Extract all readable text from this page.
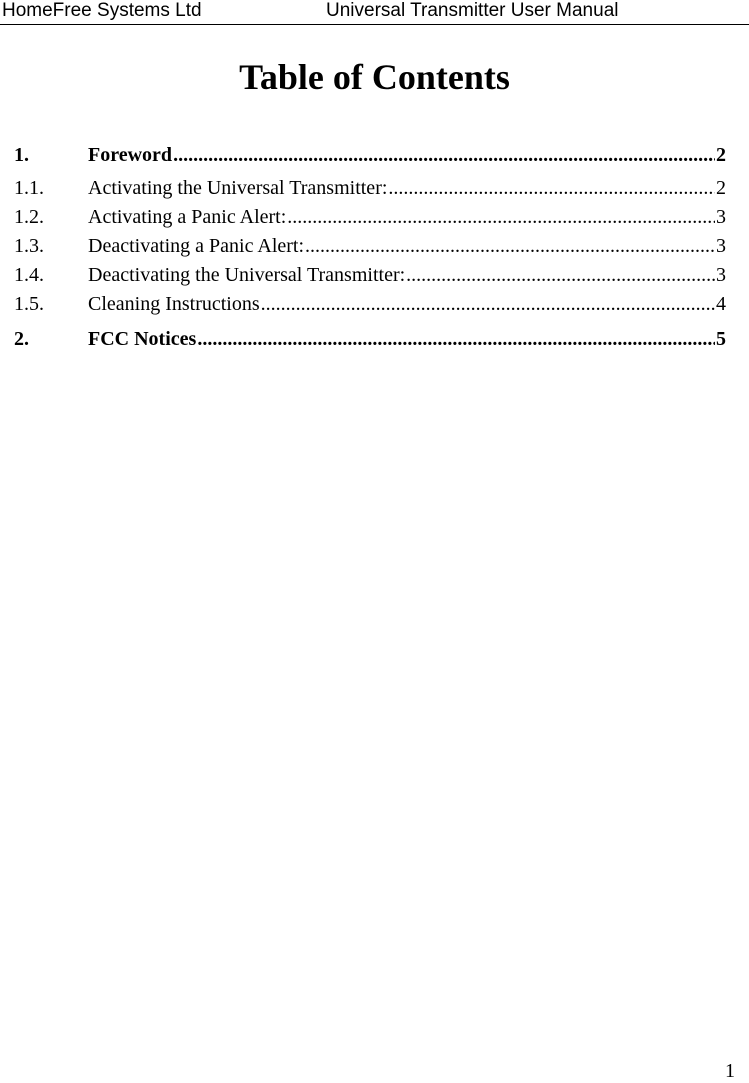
HomeFree Systems Ltd	Universal Transmitter User Manual
Table of Contents
1.	Foreword .....	2
1.1.	Activating the Universal Transmitter: .....	2
1.2.	Activating a Panic Alert: .....	3
1.3.	Deactivating a Panic Alert: .....	3
1.4.	Deactivating the Universal Transmitter: .....	3
1.5.	Cleaning Instructions .....	4
2.	FCC Notices .....	5
1
